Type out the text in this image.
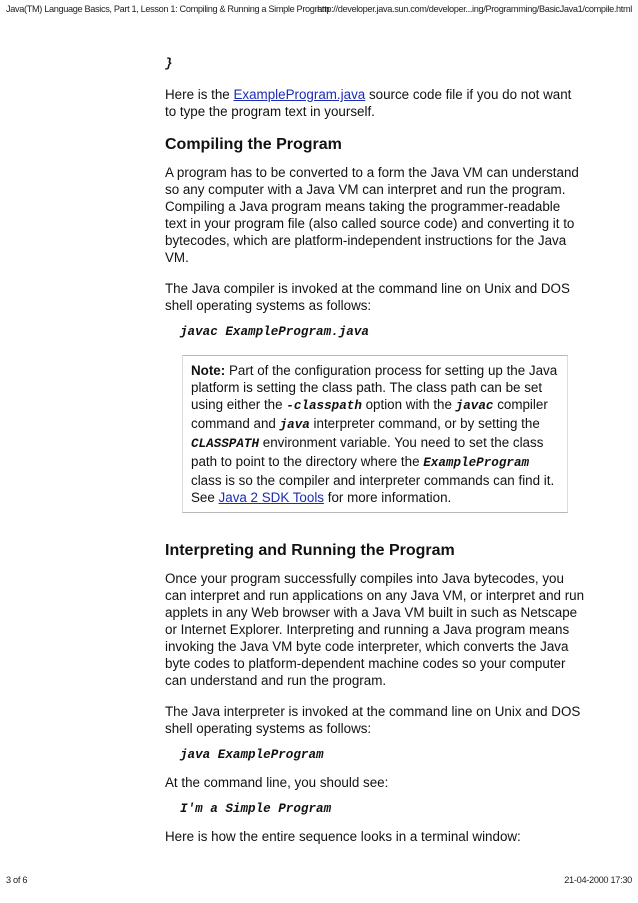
Java(TM) Language Basics, Part 1, Lesson 1: Compiling & Running a Simple Program
http://developer.java.sun.com/developer...ing/Programming/BasicJava1/compile.html

}

Here is the ExampleProgram.java source code file if you do not want to type the program text in yourself.

Compiling the Program

A program has to be converted to a form the Java VM can understand so any computer with a Java VM can interpret and run the program. Compiling a Java program means taking the programmer-readable text in your program file (also called source code) and converting it to bytecodes, which are platform-independent instructions for the Java VM.

The Java compiler is invoked at the command line on Unix and DOS shell operating systems as follows:

javac ExampleProgram.java

Note: Part of the configuration process for setting up the Java platform is setting the class path. The class path can be set using either the -classpath option with the javac compiler command and java interpreter command, or by setting the CLASSPATH environment variable. You need to set the class path to point to the directory where the ExampleProgram class is so the compiler and interpreter commands can find it. See Java 2 SDK Tools for more information.
Interpreting and Running the Program

Once your program successfully compiles into Java bytecodes, you can interpret and run applications on any Java VM, or interpret and run applets in any Web browser with a Java VM built in such as Netscape or Internet Explorer. Interpreting and running a Java program means invoking the Java VM byte code interpreter, which converts the Java byte codes to platform-dependent machine codes so your computer can understand and run the program.

The Java interpreter is invoked at the command line on Unix and DOS shell operating systems as follows:

java ExampleProgram

At the command line, you should see:

I'm a Simple Program

Here is how the entire sequence looks in a terminal window:

3 of 6	21-04-2000 17:30
